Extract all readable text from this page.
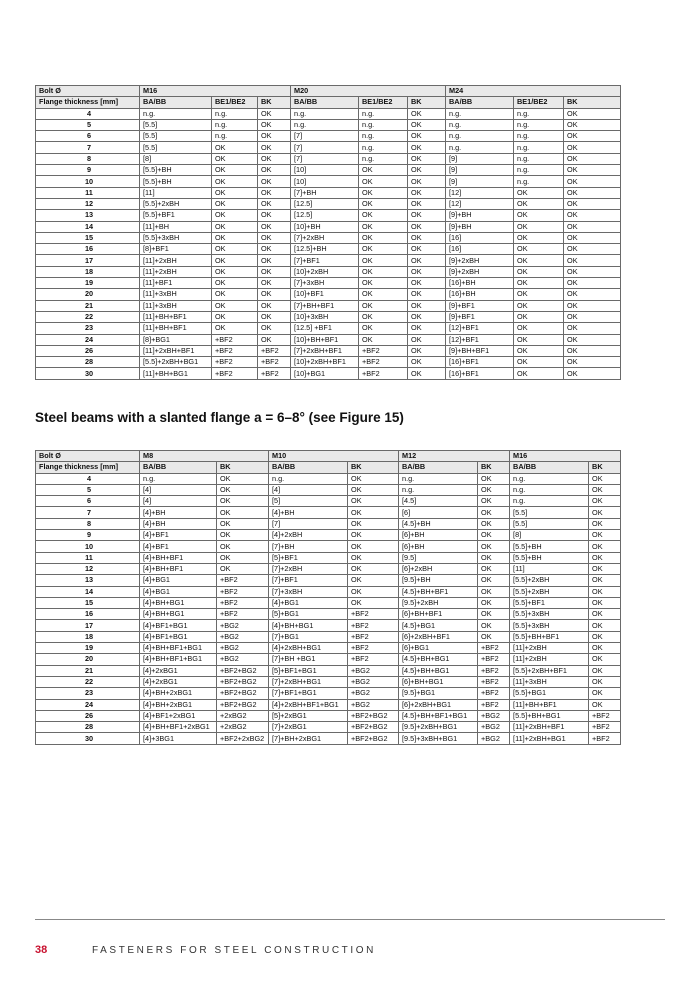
Bolt Ø	M16			M20			M24		
Flange thickness [mm]	BA/BB	BE1/BE2	BK	BA/BB	BE1/BE2	BK	BA/BB	BE1/BE2	BK
4	n.g.	n.g.	OK	n.g.	n.g.	OK	n.g.	n.g.	OK
5	[5.5]	n.g.	OK	n.g.	n.g.	OK	n.g.	n.g.	OK
6	[5.5]	n.g.	OK	[7]	n.g.	OK	n.g.	n.g.	OK
7	[5.5]	OK	OK	[7]	n.g.	OK	n.g.	n.g.	OK
8	[8]	OK	OK	[7]	n.g.	OK	[9]	n.g.	OK
9	[5.5]+BH	OK	OK	[10]	OK	OK	[9]	n.g.	OK
10	[5.5]+BH	OK	OK	[10]	OK	OK	[9]	n.g.	OK
11	[11]	OK	OK	[7]+BH	OK	OK	[12]	OK	OK
12	[5.5]+2xBH	OK	OK	[12.5]	OK	OK	[12]	OK	OK
13	[5.5]+BF1	OK	OK	[12.5]	OK	OK	[9]+BH	OK	OK
14	[11]+BH	OK	OK	[10]+BH	OK	OK	[9]+BH	OK	OK
15	[5.5]+3xBH	OK	OK	[7]+2xBH	OK	OK	[16]	OK	OK
16	[8]+BF1	OK	OK	[12.5]+BH	OK	OK	[16]	OK	OK
17	[11]+2xBH	OK	OK	[7]+BF1	OK	OK	[9]+2xBH	OK	OK
18	[11]+2xBH	OK	OK	[10]+2xBH	OK	OK	[9]+2xBH	OK	OK
19	[11]+BF1	OK	OK	[7]+3xBH	OK	OK	[16]+BH	OK	OK
20	[11]+3xBH	OK	OK	[10]+BF1	OK	OK	[16]+BH	OK	OK
21	[11]+3xBH	OK	OK	[7]+BH+BF1	OK	OK	[9]+BF1	OK	OK
22	[11]+BH+BF1	OK	OK	[10]+3xBH	OK	OK	[9]+BF1	OK	OK
23	[11]+BH+BF1	OK	OK	[12.5] +BF1	OK	OK	[12]+BF1	OK	OK
24	[8]+BG1	+BF2	OK	[10]+BH+BF1	OK	OK	[12]+BF1	OK	OK
26	[11]+2xBH+BF1	+BF2	+BF2	[7]+2xBH+BF1	+BF2	OK	[9]+BH+BF1	OK	OK
28	[5.5]+2xBH+BG1	+BF2	+BF2	[10]+2xBH+BF1	+BF2	OK	[16]+BF1	OK	OK
30	[11]+BH+BG1	+BF2	+BF2	[10]+BG1	+BF2	OK	[16]+BF1	OK	OK
Steel beams with a slanted flange a = 6–8° (see Figure 15)
Bolt Ø	M8		M10		M12		M16	
Flange thickness [mm]	BA/BB	BK	BA/BB	BK	BA/BB	BK	BA/BB	BK
4	n.g.	OK	n.g.	OK	n.g.	OK	n.g.	OK
5	[4]	OK	[4]	OK	n.g.	OK	n.g.	OK
6	[4]	OK	[5]	OK	[4.5]	OK	n.g.	OK
7	[4]+BH	OK	[4]+BH	OK	[6]	OK	[5.5]	OK
8	[4]+BH	OK	[7]	OK	[4.5]+BH	OK	[5.5]	OK
9	[4]+BF1	OK	[4]+2xBH	OK	[6]+BH	OK	[8]	OK
10	[4]+BF1	OK	[7]+BH	OK	[6]+BH	OK	[5.5]+BH	OK
11	[4]+BH+BF1	OK	[5]+BF1	OK	[9.5]	OK	[5.5]+BH	OK
12	[4]+BH+BF1	OK	[7]+2xBH	OK	[6]+2xBH	OK	[11]	OK
13	[4]+BG1	+BF2	[7]+BF1	OK	[9.5]+BH	OK	[5.5]+2xBH	OK
14	[4]+BG1	+BF2	[7]+3xBH	OK	[4.5]+BH+BF1	OK	[5.5]+2xBH	OK
15	[4]+BH+BG1	+BF2	[4]+BG1	OK	[9.5]+2xBH	OK	[5.5]+BF1	OK
16	[4]+BH+BG1	+BF2	[5]+BG1	+BF2	[6]+BH+BF1	OK	[5.5]+3xBH	OK
17	[4]+BF1+BG1	+BG2	[4]+BH+BG1	+BF2	[4.5]+BG1	OK	[5.5]+3xBH	OK
18	[4]+BF1+BG1	+BG2	[7]+BG1	+BF2	[6]+2xBH+BF1	OK	[5.5]+BH+BF1	OK
19	[4]+BH+BF1+BG1	+BG2	[4]+2xBH+BG1	+BF2	[6]+BG1	+BF2	[11]+2xBH	OK
20	[4]+BH+BF1+BG1	+BG2	[7]+BH +BG1	+BF2	[4.5]+BH+BG1	+BF2	[11]+2xBH	OK
21	[4]+2xBG1	+BF2+BG2	[5]+BF1+BG1	+BG2	[4.5]+BH+BG1	+BF2	[5.5]+2xBH+BF1	OK
22	[4]+2xBG1	+BF2+BG2	[7]+2xBH+BG1	+BG2	[6]+BH+BG1	+BF2	[11]+3xBH	OK
23	[4]+BH+2xBG1	+BF2+BG2	[7]+BF1+BG1	+BG2	[9.5]+BG1	+BF2	[5.5]+BG1	OK
24	[4]+BH+2xBG1	+BF2+BG2	[4]+2xBH+BF1+BG1	+BG2	[6]+2xBH+BG1	+BF2	[11]+BH+BF1	OK
26	[4]+BF1+2xBG1	+2xBG2	[5]+2xBG1	+BF2+BG2	[4.5]+BH+BF1+BG1	+BG2	[5.5]+BH+BG1	+BF2
28	[4]+BH+BF1+2xBG1	+2xBG2	[7]+2xBG1	+BF2+BG2	[9.5]+2xBH+BG1	+BG2	[11]+2xBH+BF1	+BF2
30	[4]+3BG1	+BF2+2xBG2	[7]+BH+2xBG1	+BF2+BG2	[9.5]+3xBH+BG1	+BG2	[11]+2xBH+BG1	+BF2
38	FASTENERS FOR STEEL CONSTRUCTION
